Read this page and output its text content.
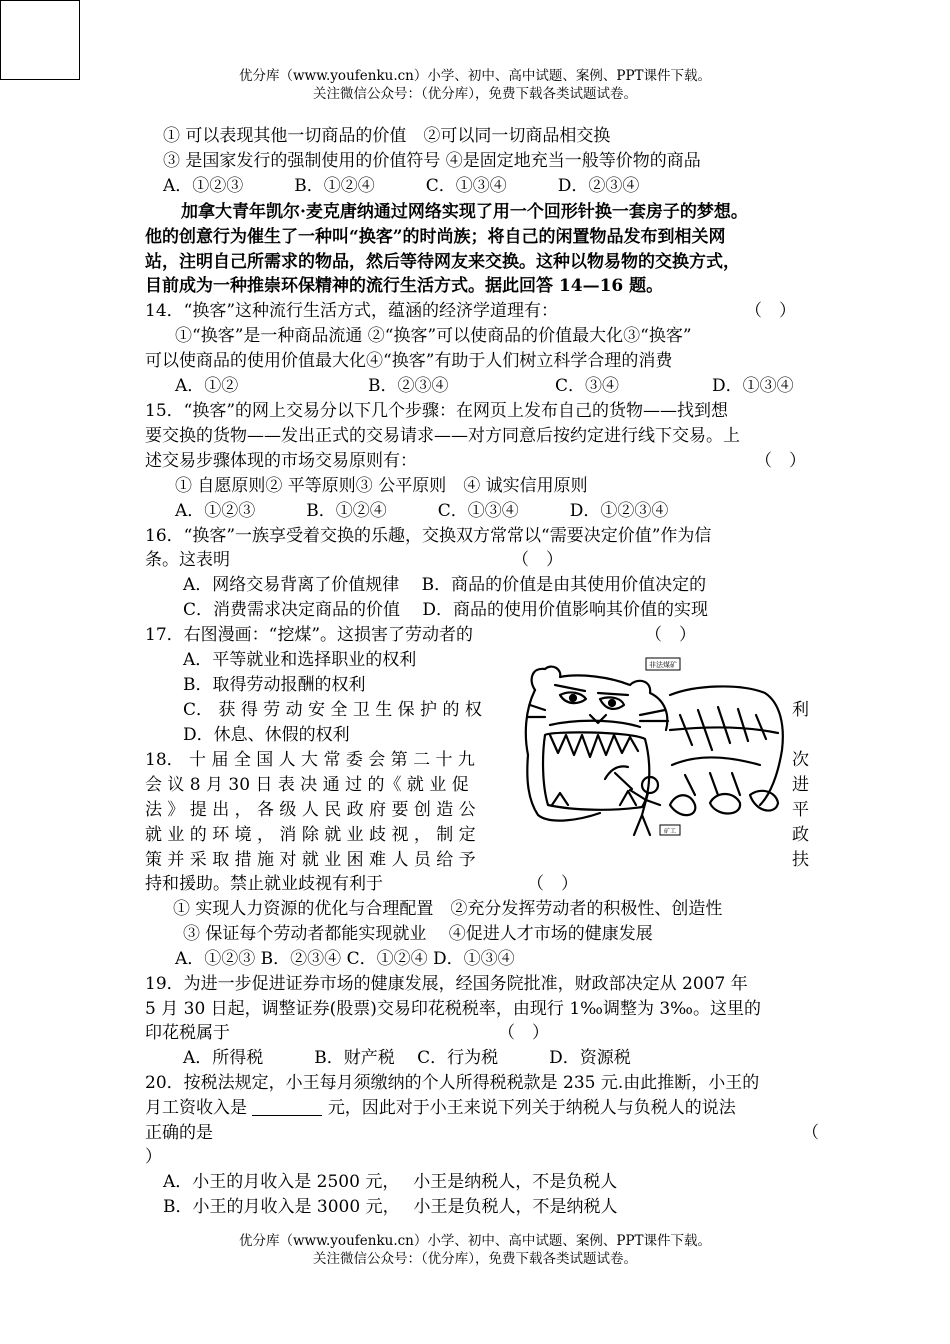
优分库（www.youfenku.cn）小学、初中、高中试题、案例、PPT课件下载。
关注微信公众号：（优分库），免费下载各类试题试卷。
① 可以表现其他一切商品的价值　②可以同一切商品相交换
③ 是国家发行的强制使用的价值符号 ④是固定地充当一般等价物的商品
A．①②③　　　B．①②④　　　C．①③④　　　D．②③④
加拿大青年凯尔·麦克唐纳通过网络实现了用一个回形针换一套房子的梦想。
他的创意行为催生了一种叫“换客”的时尚族；将自己的闲置物品发布到相关网
站，注明自己所需求的物品，然后等待网友来交换。这种以物易物的交换方式，
目前成为一种推崇环保精神的流行生活方式。据此回答 14—16 题。
14．“换客”这种流行生活方式，蕴涵的经济学道理有：	（　）
①“换客”是一种商品流通 ②“换客”可以使商品的价值最大化③“换客”
可以使商品的使用价值最大化④“换客”有助于人们树立科学合理的消费
A．①②	B．②③④	C．③④	D．①③④
15．“换客”的网上交易分以下几个步骤：在网页上发布自己的货物——找到想
要交换的货物——发出正式的交易请求——对方同意后按约定进行线下交易。上
述交易步骤体现的市场交易原则有：	（　）
① 自愿原则② 平等原则③ 公平原则　④ 诚实信用原则
A．①②③　　　B．①②④　　　C．①③④　　　D．①②③④
16．“换客”一族享受着交换的乐趣，交换双方常常以“需要决定价值”作为信
条。这表明	（　）
A．网络交易背离了价值规律　 B．商品的价值是由其使用价值决定的
C．消费需求决定商品的价值　 D．商品的使用价值影响其价值的实现
17．右图漫画：“挖煤”。这损害了劳动者的	（　）
A．平等就业和选择职业的权利
B．取得劳动报酬的权利
C． 获 得 劳 动 安 全 卫 生 保 护 的 权	利
D．休息、休假的权利
非法煤矿
矿工
18． 十 届 全 国 人 大 常 委 会 第 二 十 九	次
会 议 8 月 30 日 表 决 通 过 的《 就 业 促	进
法 》 提 出 ， 各 级 人 民 政 府 要 创 造 公	平
就 业 的 环 境 ， 消 除 就 业 歧 视 ， 制 定	政
策 并 采 取 措 施 对 就 业 困 难 人 员 给 予	扶
持和援助。禁止就业歧视有利于	（　）
① 实现人力资源的优化与合理配置　②充分发挥劳动者的积极性、创造性
③ 保证每个劳动者都能实现就业　 ④促进人才市场的健康发展
A．①②③ B．②③④ C．①②④ D．①③④
19．为进一步促进证券市场的健康发展，经国务院批准，财政部决定从 2007 年
5 月 30 日起，调整证券(股票)交易印花税税率，由现行 1‰调整为 3‰。这里的
印花税属于	（　）
A．所得税　　　B．财产税　 C．行为税　　　D．资源税
20．按税法规定，小王每月须缴纳的个人所得税税款是 235 元.由此推断，小王的
月工资收入是	元，因此对于小王来说下列关于纳税人与负税人的说法
正确的是	（
）
A．小王的月收入是 2500 元，　 小王是纳税人，不是负税人
B．小王的月收入是 3000 元，　 小王是负税人，不是纳税人
优分库（www.youfenku.cn）小学、初中、高中试题、案例、PPT课件下载。
关注微信公众号：（优分库），免费下载各类试题试卷。
